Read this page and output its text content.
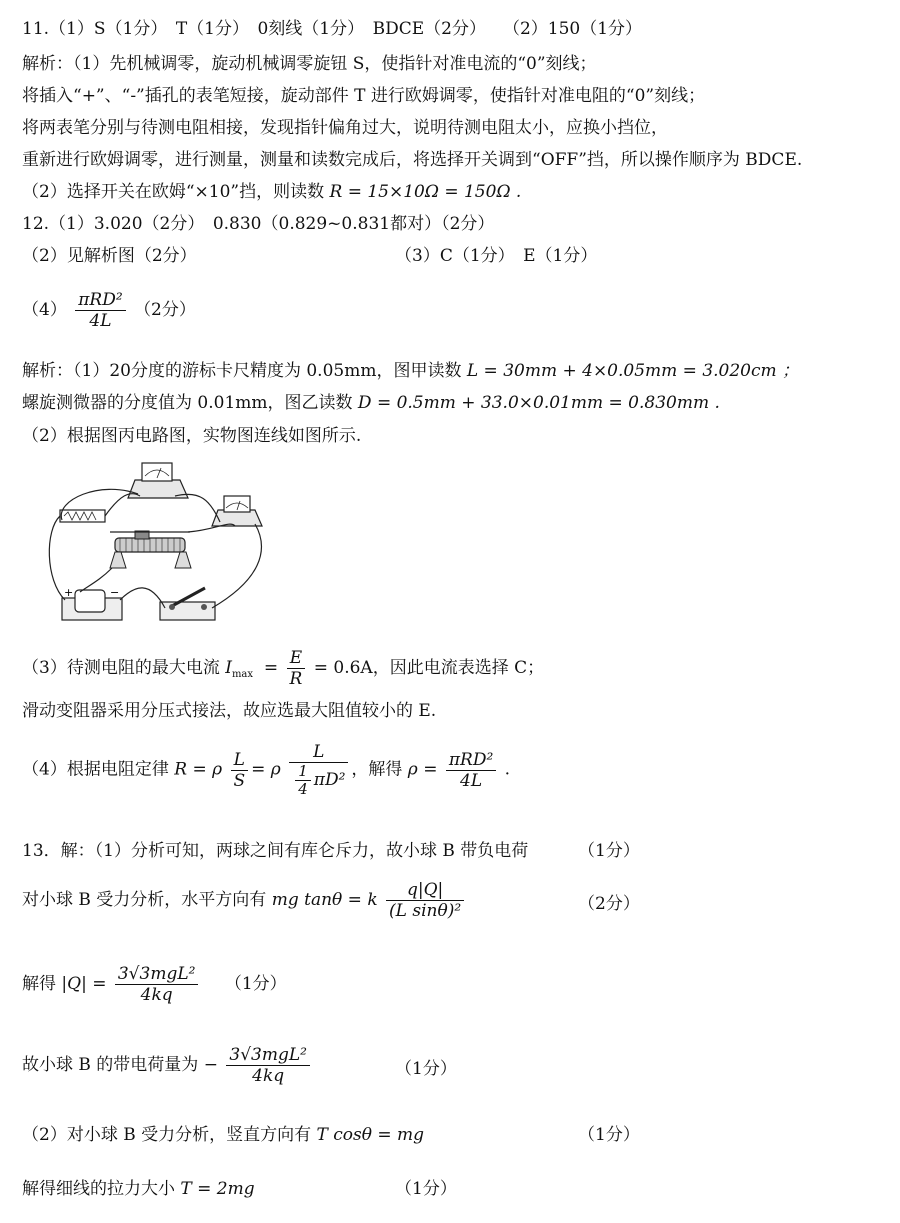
11.（1）S（1分）　T（1分）　0刻线（1分）　BDCE（2分）　　（2）150（1分）
解析：（1）先机械调零，旋动机械调零旋钮 S，使指针对准电流的“0”刻线；
将插入“+”、“-”插孔的表笔短接，旋动部件 T 进行欧姆调零，使指针对准电阻的“0”刻线；
将两表笔分别与待测电阻相接，发现指针偏角过大，说明待测电阻太小，应换小挡位，
重新进行欧姆调零，进行测量，测量和读数完成后，将选择开关调到“OFF”挡，所以操作顺序为 BDCE.
（2）选择开关在欧姆“×10”挡，则读数 R = 15×10Ω = 150Ω .
12.（1）3.020（2分）　0.830（0.829~0.831都对）（2分）
（2）见解析图（2分）	（3）C（1分）　E（1分）
$(4) \frac{\text{πRD²}}{4L} (2$分）
解析：（1）20分度的游标卡尺精度为 0.05mm，图甲读数 L = 30mm + 4×0.05mm = 3.020cm ；
螺旋测微器的分度值为 0.01mm，图乙读数 D = 0.5mm + 33.0×0.01mm = 0.830mm .
（2）根据图丙电路图，实物图连线如图所示.
+	−
（3）待测电阻的最大电流 $I_{max} = \frac{E}{R} = 0.6A$，因此电流表选择 C；
滑动变阻器采用分压式接法，故应选最大阻值较小的 E.
（4）根据电阻定律 R = ρ $\frac{L}{S} = \rho \frac{L}{\frac{1}{4} \pi D^2}$ ，解得 $\rho = \frac{\text{πRD²}}{4L}$ .
13．解：（1）分析可知，两球之间有库仑斥力，故小球 B 带负电荷	（1分）
对小球 B 受力分析，水平方向有 mg tanθ = k $\frac{q|Q|}{\text{(L sinθ)²}}$	（2分）
解得 $|Q| = \frac{\text{3√3mgL²}}{4kq} (1$分）
故小球 B 的带电荷量为 − $\frac{\text{3√3mgL²}}{4kq}$	（1分）
（2）对小球 B 受力分析，竖直方向有 T cosθ = mg	（1分）
解得细线的拉力大小 T = 2mg	（1分）
